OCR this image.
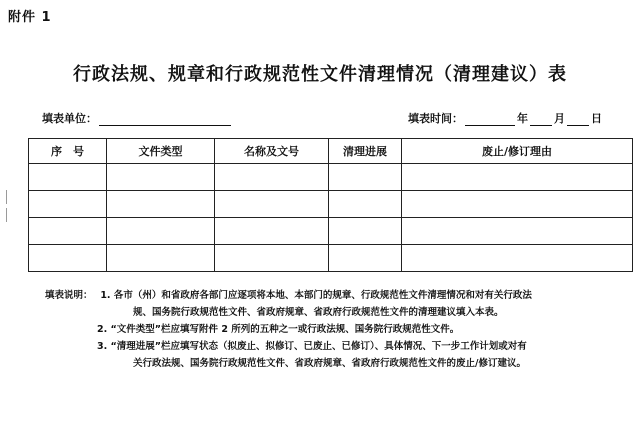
附件 1
行政法规、规章和行政规范性文件清理情况（清理建议）表
填表单位：	填表时间：	年 月 日
序　号	文件类型	名称及文号	清理进展	废止/修订理由

填表说明： 1. 各市（州）和省政府各部门应逐项将本地、本部门的规章、行政规范性文件清理情况和对有关行政法
规、国务院行政规范性文件、省政府规章、省政府行政规范性文件的清理建议填入本表。
2. “文件类型”栏应填写附件 2 所列的五种之一或行政法规、国务院行政规范性文件。
3. “清理进展”栏应填写状态（拟废止、拟修订、已废止、已修订）、具体情况、下一步工作计划或对有
关行政法规、国务院行政规范性文件、省政府规章、省政府行政规范性文件的废止/修订建议。
